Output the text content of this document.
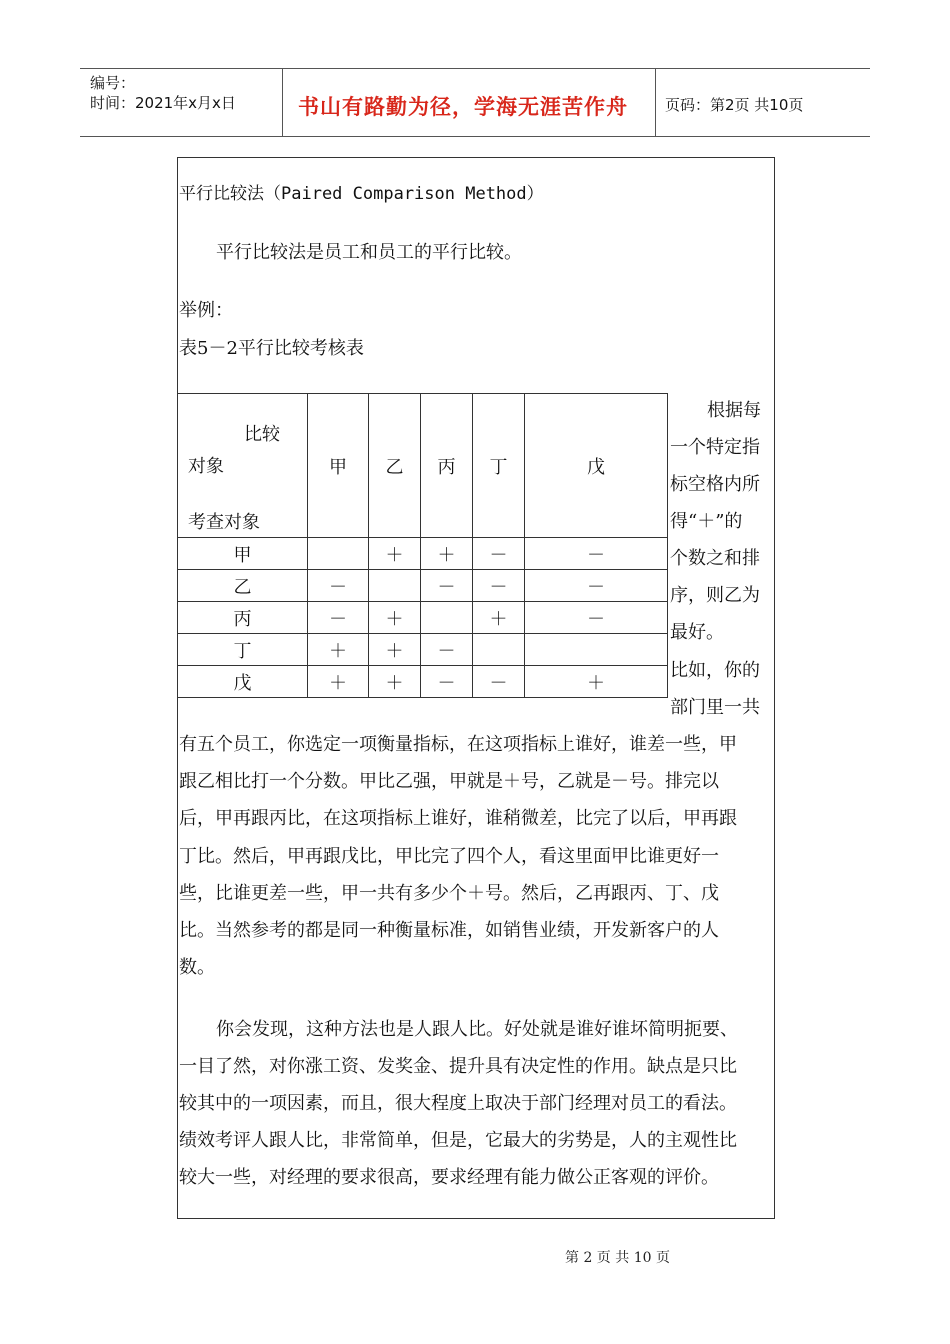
编号：
时间：2021年x月x日	书山有路勤为径，学海无涯苦作舟 页码：第2页 共10页
平行比较法（Paired Comparison Method）
平行比较法是员工和员工的平行比较。
举例：
表5－2平行比较考核表
比较
对象
考查对象	甲	乙	丙	丁	戊
甲		＋	＋	－	－
乙	－		－	－	－
丙	－	＋		＋	－
丁	＋	＋	－		
戊	＋	＋	－	－	＋
根据每
一个特定指
标空格内所
得“＋”的
个数之和排
序，则乙为
最好。
比如，你的
部门里一共
有五个员工，你选定一项衡量指标，在这项指标上谁好，谁差一些，甲
跟乙相比打一个分数。甲比乙强，甲就是＋号，乙就是－号。排完以
后，甲再跟丙比，在这项指标上谁好，谁稍微差，比完了以后，甲再跟
丁比。然后，甲再跟戊比，甲比完了四个人，看这里面甲比谁更好一
些，比谁更差一些，甲一共有多少个＋号。然后，乙再跟丙、丁、戊
比。当然参考的都是同一种衡量标准，如销售业绩，开发新客户的人
数。
你会发现，这种方法也是人跟人比。好处就是谁好谁坏简明扼要、
一目了然，对你涨工资、发奖金、提升具有决定性的作用。缺点是只比
较其中的一项因素，而且，很大程度上取决于部门经理对员工的看法。
绩效考评人跟人比，非常简单，但是，它最大的劣势是，人的主观性比
较大一些，对经理的要求很高，要求经理有能力做公正客观的评价。
第 2 页 共 10 页
